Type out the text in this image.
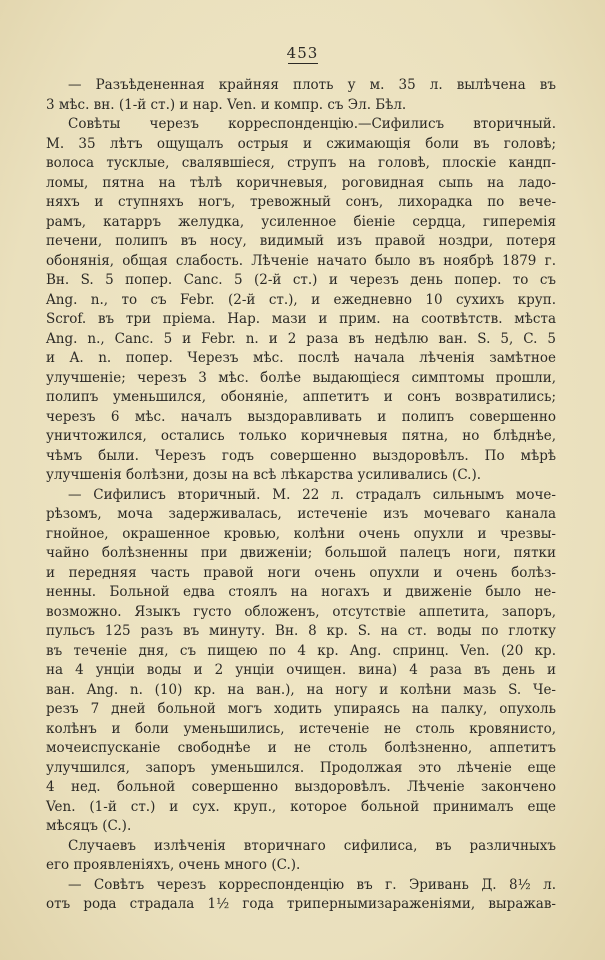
453
— Разъѣдененная крайняя плоть у м. 35 л. вылѣчена въ
3 мѣс. вн. (1-й ст.) и нар. Ven. и компр. съ Эл. Бѣл.
Совѣты черезъ корреспонденцію.—Сифилисъ вторичный.
М. 35 лѣтъ ощущалъ острыя и сжимающія боли въ головѣ;
волоса тусклые, свалявшіеся, струпъ на головѣ, плоскіе кандп-
ломы, пятна на тѣлѣ коричневыя, роговидная сыпь на ладо-
няхъ и ступняхъ ногъ, тревожный сонъ, лихорадка по вече-
рамъ, катарръ желудка, усиленное біеніе сердца, гиперемія
печени, полипъ въ носу, видимый изъ правой ноздри, потеря
обонянія, общая слабость. Лѣченіе начато было въ ноябрѣ 1879 г.
Вн. S. 5 попер. Canc. 5 (2-й ст.) и черезъ день попер. то съ
Ang. n., то съ Febr. (2-й ст.), и ежедневно 10 сухихъ круп.
Scrof. въ три пріема. Нар. мази и прим. на соотвѣтств. мѣста
Ang. n., Canc. 5 и Febr. n. и 2 раза въ недѣлю ван. S. 5, C. 5
и A. n. попер. Черезъ мѣс. послѣ начала лѣченія замѣтное
улучшеніе; черезъ 3 мѣс. болѣе выдающіеся симптомы прошли,
полипъ уменьшился, обоняніе, аппетитъ и сонъ возвратились;
черезъ 6 мѣс. началъ выздоравливать и полипъ совершенно
уничтожился, остались только коричневыя пятна, но блѣднѣе,
чѣмъ были. Черезъ годъ совершенно выздоровѣлъ. По мѣрѣ
улучшенія болѣзни, дозы на всѣ лѣкарства усиливались (C.).
— Сифилисъ вторичный. М. 22 л. страдалъ сильнымъ моче-
рѣзомъ, моча задерживалась, истеченіе изъ мочеваго канала
гнойное, окрашенное кровью, колѣни очень опухли и чрезвы-
чайно болѣзненны при движеніи; большой палецъ ноги, пятки
и передняя часть правой ноги очень опухли и очень болѣз-
ненны. Больной едва стоялъ на ногахъ и движеніе было не-
возможно. Языкъ густо обложенъ, отсутствіе аппетита, запоръ,
пульсъ 125 разъ въ минуту. Вн. 8 кр. S. на ст. воды по глотку
въ теченіе дня, съ пищею по 4 кр. Ang. спринц. Ven. (20 кр.
на 4 унціи воды и 2 унціи очищен. вина) 4 раза въ день и
ван. Ang. n. (10) кр. на ван.), на ногу и колѣни мазь S. Че-
резъ 7 дней больной могъ ходить упираясь на палку, опухоль
колѣнъ и боли уменьшились, истеченіе не столь кровянисто,
мочеиспусканіе свободнѣе и не столь болѣзненно, аппетитъ
улучшился, запоръ уменьшился. Продолжая это лѣченіе еще
4 нед. больной совершенно выздоровѣлъ. Лѣченіе закончено
Ven. (1-й ст.) и сух. круп., которое больной принималъ еще
мѣсяцъ (C.).
Случаевъ излѣченія вторичнаго сифилиса, въ различныхъ
его проявленіяхъ, очень много (C.).
— Совѣтъ черезъ корреспонденцію въ г. Эривань Д. 8½ л.
отъ рода страдала 1½ года трипернымизараженіями, выражав-
